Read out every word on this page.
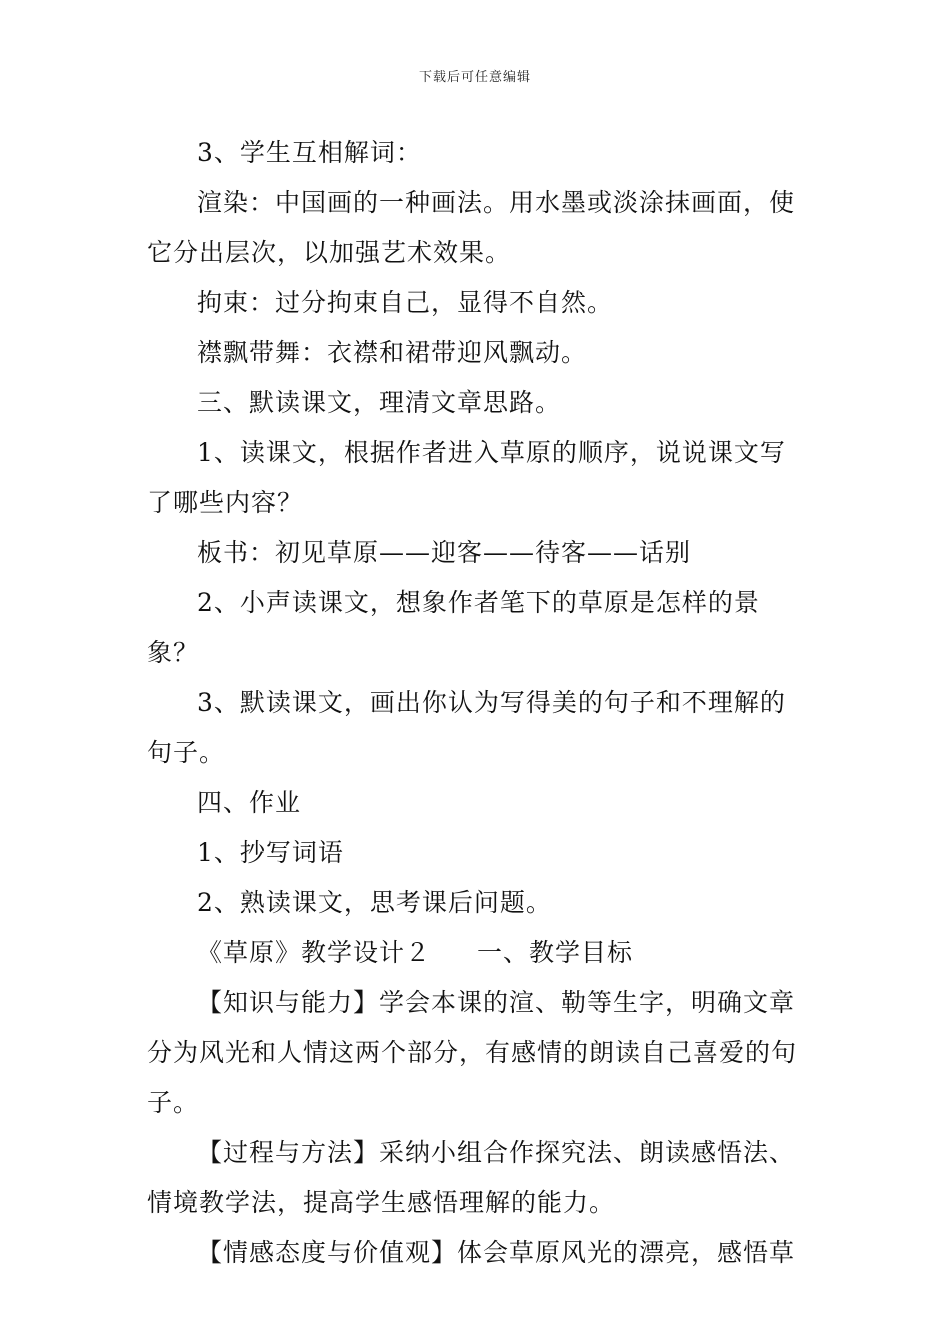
下载后可任意编辑

3、学生互相解词：

渲染：中国画的一种画法。用水墨或淡涂抹画面，使它分出层次，以加强艺术效果。

拘束：过分拘束自己，显得不自然。

襟飘带舞：衣襟和裙带迎风飘动。

三、默读课文，理清文章思路。

1、读课文，根据作者进入草原的顺序，说说课文写了哪些内容？

板书：初见草原——迎客——待客——话别

2、小声读课文，想象作者笔下的草原是怎样的景象？

3、默读课文，画出你认为写得美的句子和不理解的句子。

四、作业

1、抄写词语

2、熟读课文，思考课后问题。

《草原》教学设计２ 一、教学目标

【知识与能力】学会本课的渲、勒等生字，明确文章分为风光和人情这两个部分，有感情的朗读自己喜爱的句子。

【过程与方法】采纳小组合作探究法、朗读感悟法、情境教学法，提高学生感悟理解的能力。

【情感态度与价值观】体会草原风光的漂亮，感悟草
